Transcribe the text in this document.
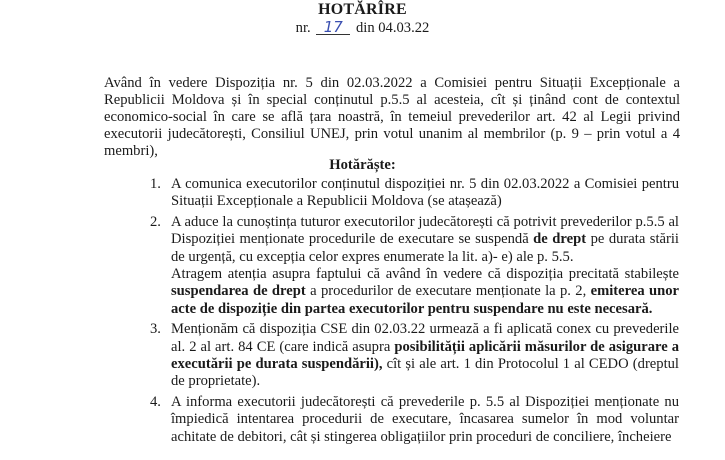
HOTĂRÎRE
nr. 17 din 04.03.22
Având în vedere Dispoziția nr. 5 din 02.03.2022 a Comisiei pentru Situații Excepționale a Republicii Moldova și în special conținutul p.5.5 al acesteia, cît și ținând cont de contextul economico-social în care se află țara noastră, în temeiul prevederilor art. 42 al Legii privind executorii judecătorești, Consiliul UNEJ, prin votul unanim al membrilor (p. 9 – prin votul a 4 membri),
Hotărăște:
1. A comunica executorilor conținutul dispoziției nr. 5 din 02.03.2022 a Comisiei pentru Situații Excepționale a Republicii Moldova (se atașează)
2. A aduce la cunoștința tuturor executorilor judecătorești că potrivit prevederilor p.5.5 al Dispoziției menționate procedurile de executare se suspendă de drept pe durata stării de urgență, cu excepția celor expres enumerate la lit. a)- e) ale p. 5.5.
Atragem atenția asupra faptului că având în vedere că dispoziția precitată stabilește suspendarea de drept a procedurilor de executare menționate la p. 2, emiterea unor acte de dispoziție din partea executorilor pentru suspendare nu este necesară.
3. Menționăm că dispoziția CSE din 02.03.22 urmează a fi aplicată conex cu prevederile al. 2 al art. 84 CE (care indică asupra posibilității aplicării măsurilor de asigurare a executării pe durata suspendării), cît și ale art. 1 din Protocolul 1 al CEDO (dreptul de proprietate).
4. A informa executorii judecătorești că prevederile p. 5.5 al Dispoziției menționate nu împiedică intentarea procedurii de executare, încasarea sumelor în mod voluntar achitate de debitori, cât și stingerea obligațiilor prin proceduri de conciliere, încheiere
